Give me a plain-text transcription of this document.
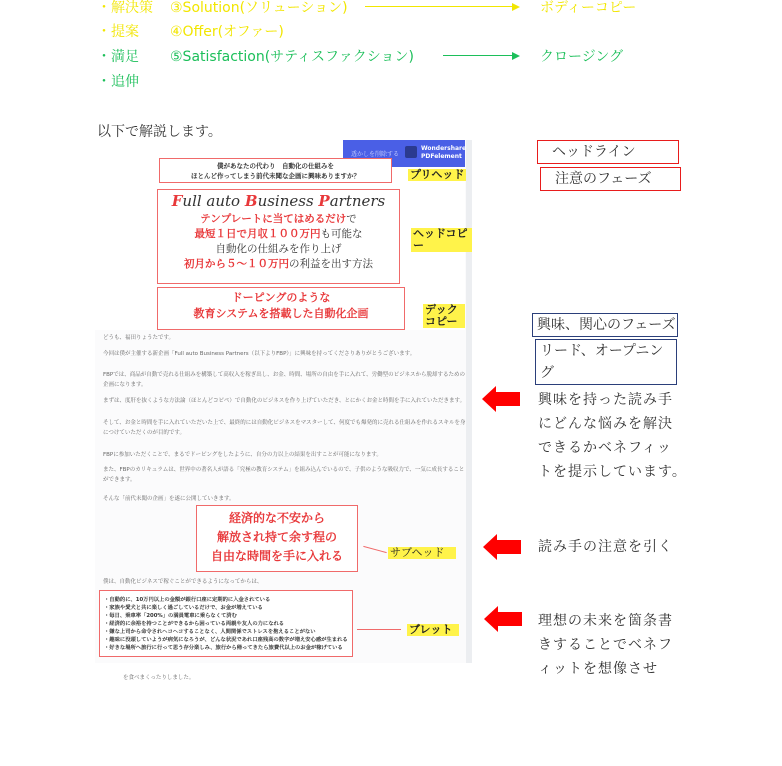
・解決策 ③Solution(ソリューション)	ボディーコピー
・提案 ④Offer(オファー)
・満足 ⑤Satisfaction(サティスファクション)	クロージング
・追伸
以下で解説します。
透かしを削除する
Wondershare PDFelement
僕があなたの代わり　自動化の仕組みを
ほとんど作ってしまう前代未聞な企画に興味ありますか？	プリヘッド
Full auto Business Partners
テンプレートに当てはめるだけで
最短１日で月収１００万円も可能な
自動化の仕組みを作り上げ
初月から５～１０万円の利益を出す方法
ヘッドコピー
ドーピングのような
教育システムを搭載した自動化企画	デックコピー
どうも、福田りょうたです。
今回は僕が主催する新企画「Full auto Business Partners（以下よりFBP）」に興味を持ってくださりありがとうございます。
FBPでは、商品が自動で売れる仕組みを構築して高収入を稼ぎ出し、お金、時間、場所の自由を手に入れて、労働型のビジネスから脱却するための
企画になります。
まずは、度肝を抜くような方法論（ほとんどコピペ）で自動化のビジネスを作り上げていただき、とにかくお金と時間を手に入れていただきます。
そして、お金と時間を手に入れていただいた上で、最終的には自動化ビジネスをマスターして、何度でも爆発的に売れる仕組みを作れるスキルを身
につけていただくのが目的です。
FBPに参加いただくことで、まるでドーピングをしたように、自分の力以上の結果を出すことが可能になります。
また、FBPのカリキュラムは、世界中の著名人が語る「究極の教育システム」を組み込んでいるので、子供のような吸収力で、一気に成長すること
ができます。
そんな「前代未聞の企画」を遂に公開していきます。
経済的な不安から
解放され持て余す程の
自由な時間を手に入れる	サブヘッド
僕は、自動化ビジネスで稼ぐことができるようになってからは、
・自動的に、10万円以上の金額が銀行口座に定期的に入金されている
・家族や愛犬と共に楽しく過ごしているだけで、お金が増えている
・毎日、乗車率「200%」の満員電車に乗らなくて済む
・経済的に余裕を持つことができるから困っている両親や友人の力になれる
・嫌な上司から命令されヘコヘコすることなく、人間関係でストレスを抱えることがない
・趣味に没頭していようが病気になろうが、どんな状況であれ口座残高の数字が増え安心感が生まれる
・好きな場所へ旅行に行って思う存分楽しみ、旅行から帰ってきたら旅費代以上のお金が稼げている
ブレット
を食べまくったりしました。
ヘッドライン
注意のフェーズ
興味、関心のフェーズ
リード、オープニング
興味を持った読み手
にどんな悩みを解決
できるかベネフィッ
トを提示しています。
読み手の注意を引く
理想の未来を箇条書
きすることでベネフ
ィットを想像させ
